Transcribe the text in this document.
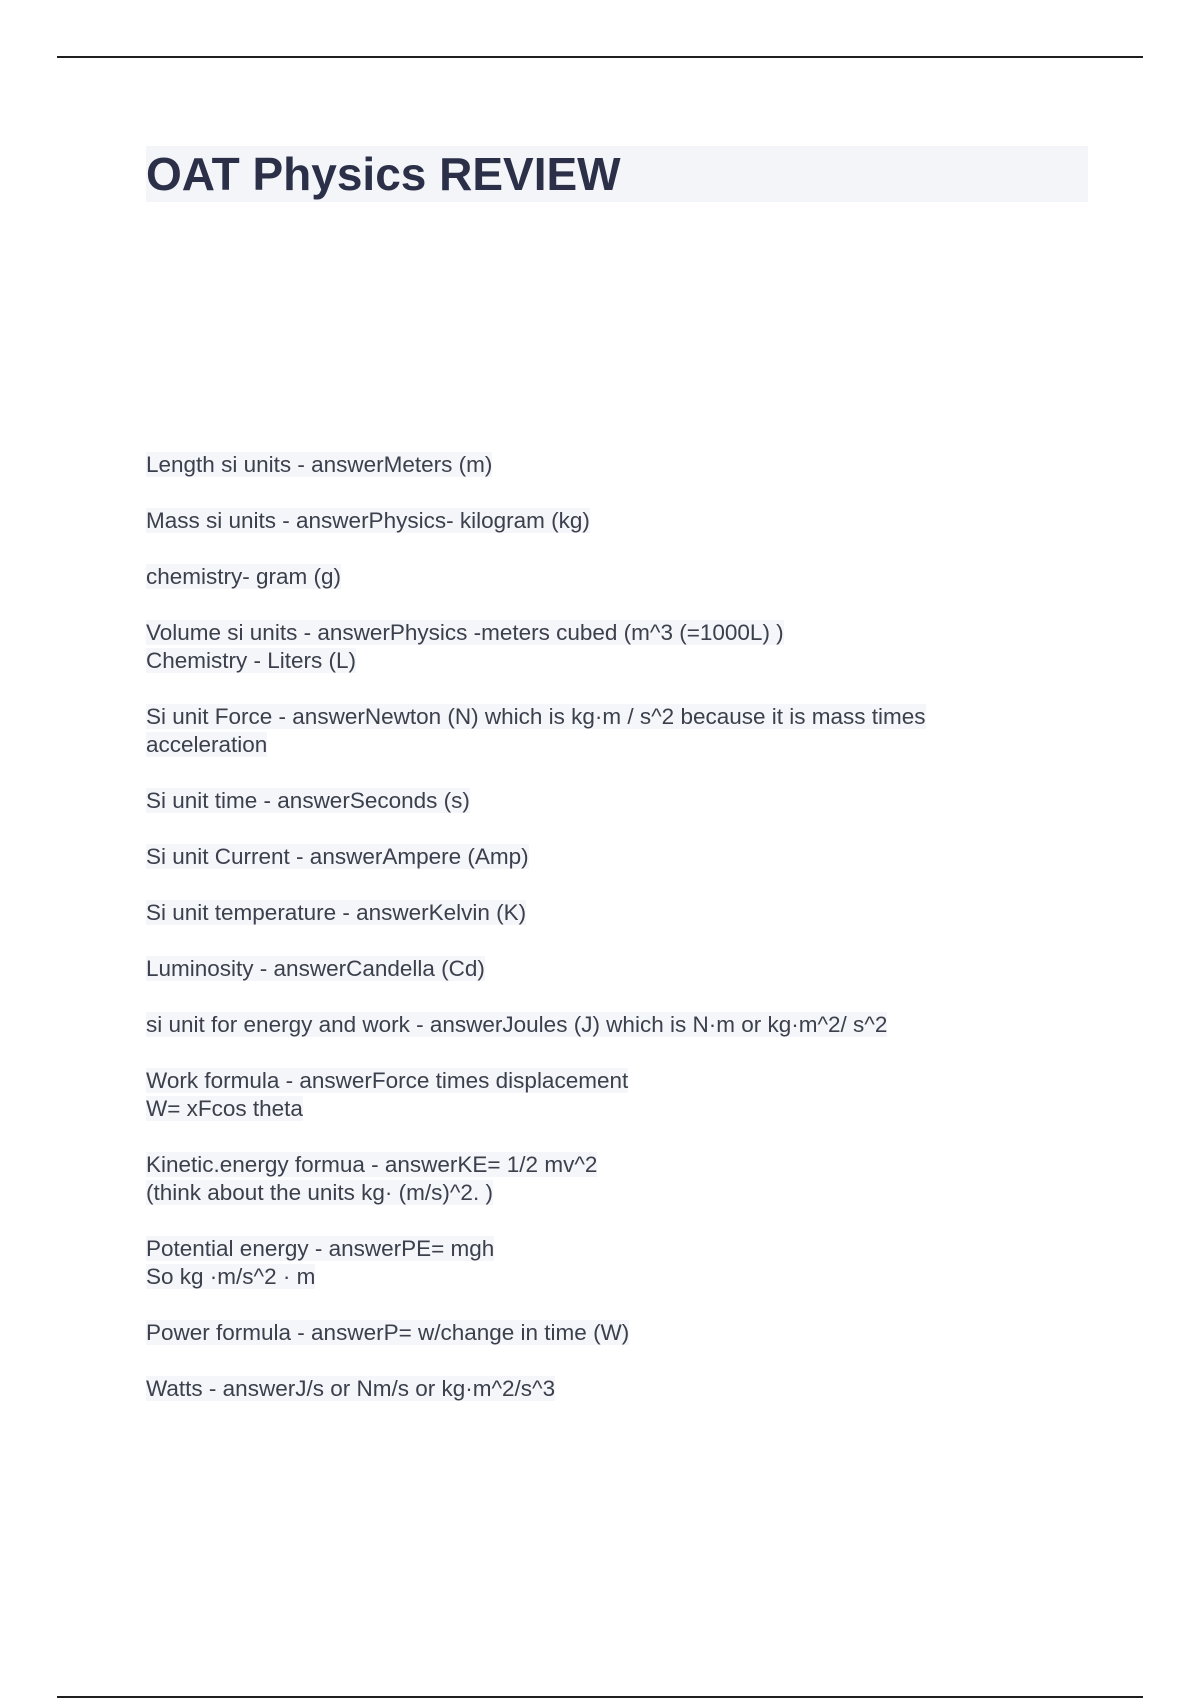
OAT Physics REVIEW
Length si units - answerMeters (m)
Mass si units - answerPhysics- kilogram (kg)
chemistry- gram (g)
Volume si units - answerPhysics -meters cubed (m^3 (=1000L) )
Chemistry - Liters (L)
Si unit Force - answerNewton (N) which is kg·m / s^2 because it is mass times
acceleration
Si unit time - answerSeconds (s)
Si unit Current - answerAmpere (Amp)
Si unit temperature - answerKelvin (K)
Luminosity - answerCandella (Cd)
si unit for energy and work - answerJoules (J) which is N·m or kg·m^2/ s^2
Work formula - answerForce times displacement
W= xFcos theta
Kinetic.energy formua - answerKE= 1/2 mv^2
(think about the units kg· (m/s)^2. )
Potential energy - answerPE= mgh
So kg ·m/s^2 · m
Power formula - answerP= w/change in time (W)
Watts - answerJ/s or Nm/s or kg·m^2/s^3
